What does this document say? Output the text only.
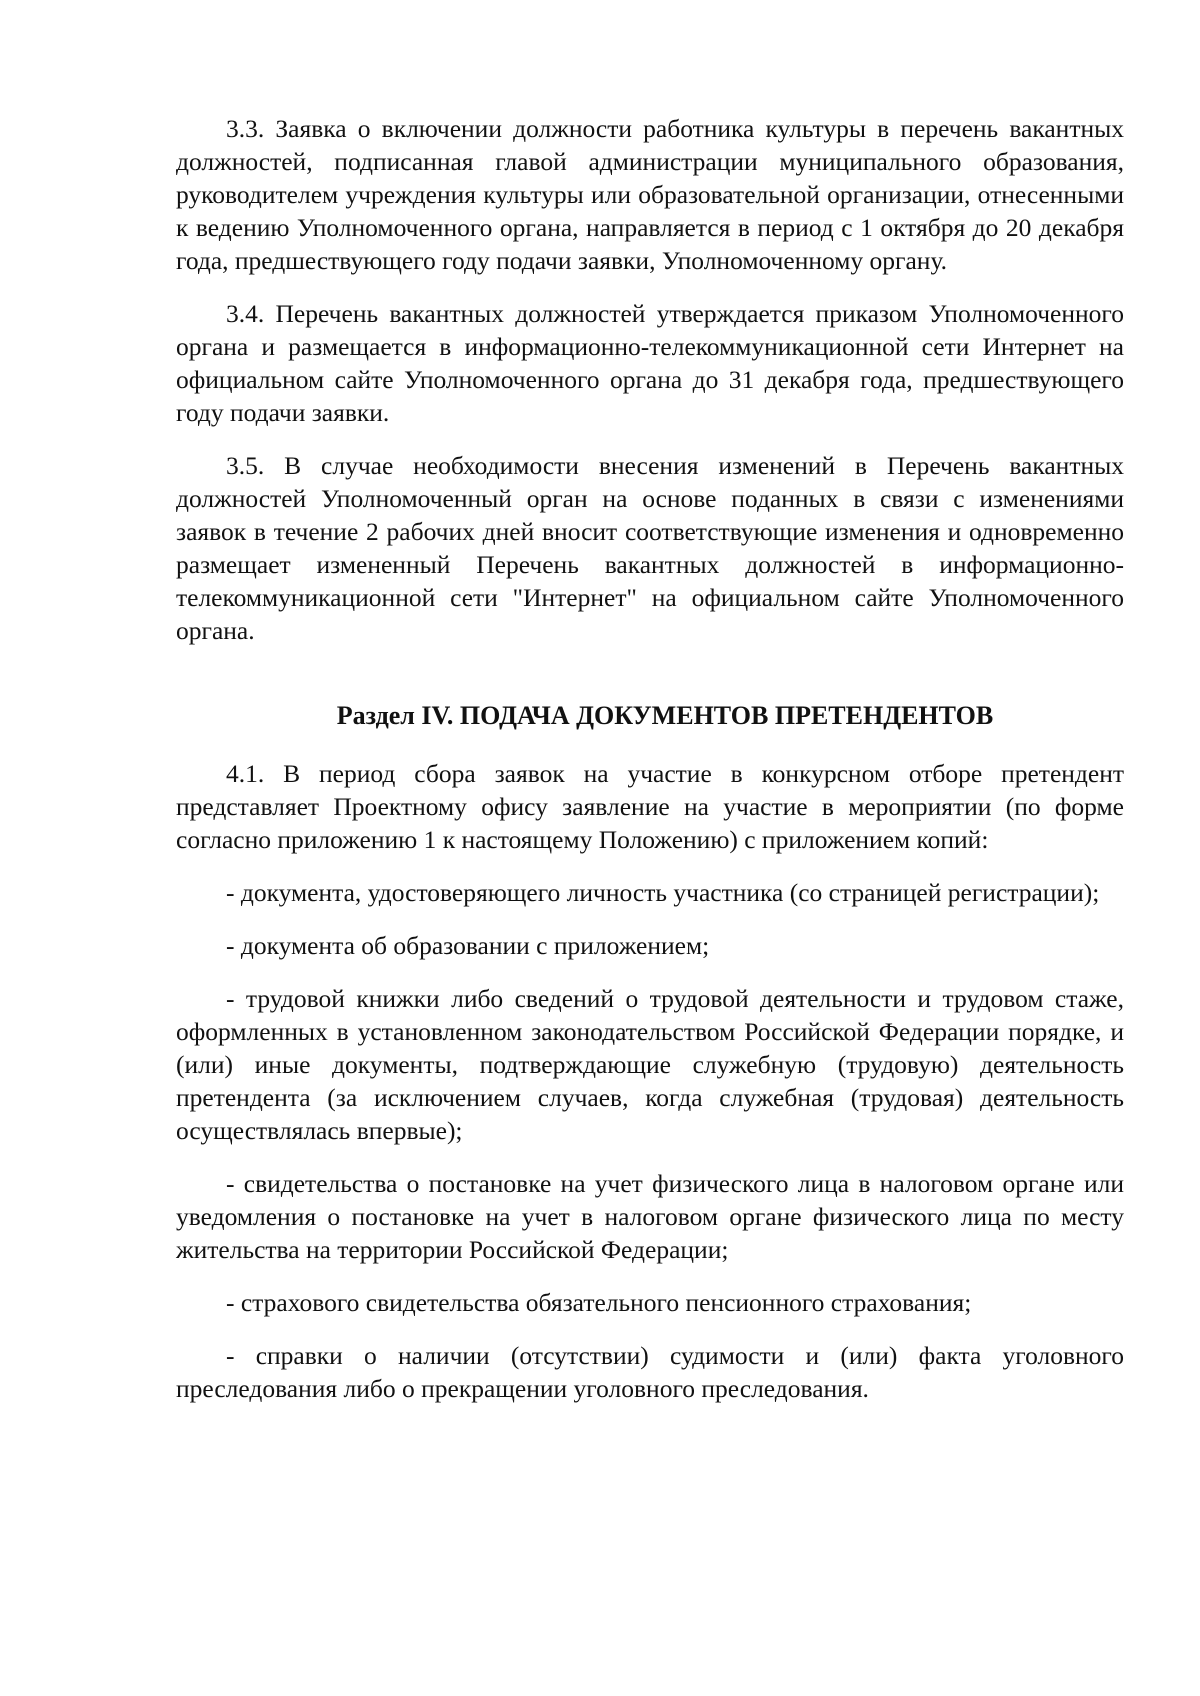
3.3. Заявка о включении должности работника культуры в перечень вакантных должностей, подписанная главой администрации муниципального образования, руководителем учреждения культуры или образовательной организации, отнесенными к ведению Уполномоченного органа, направляется в период с 1 октября до 20 декабря года, предшествующего году подачи заявки, Уполномоченному органу.

3.4. Перечень вакантных должностей утверждается приказом Уполномоченного органа и размещается в информационно-телекоммуникационной сети Интернет на официальном сайте Уполномоченного органа до 31 декабря года, предшествующего году подачи заявки.

3.5. В случае необходимости внесения изменений в Перечень вакантных должностей Уполномоченный орган на основе поданных в связи с изменениями заявок в течение 2 рабочих дней вносит соответствующие изменения и одновременно размещает измененный Перечень вакантных должностей в информационно-телекоммуникационной сети "Интернет" на официальном сайте Уполномоченного органа.

Раздел IV. ПОДАЧА ДОКУМЕНТОВ ПРЕТЕНДЕНТОВ

4.1. В период сбора заявок на участие в конкурсном отборе претендент представляет Проектному офису заявление на участие в мероприятии (по форме согласно приложению 1 к настоящему Положению) с приложением копий:

- документа, удостоверяющего личность участника (со страницей регистрации);

- документа об образовании с приложением;

- трудовой книжки либо сведений о трудовой деятельности и трудовом стаже, оформленных в установленном законодательством Российской Федерации порядке, и (или) иные документы, подтверждающие служебную (трудовую) деятельность претендента (за исключением случаев, когда служебная (трудовая) деятельность осуществлялась впервые);

- свидетельства о постановке на учет физического лица в налоговом органе или уведомления о постановке на учет в налоговом органе физического лица по месту жительства на территории Российской Федерации;

- страхового свидетельства обязательного пенсионного страхования;

- справки о наличии (отсутствии) судимости и (или) факта уголовного преследования либо о прекращении уголовного преследования.
